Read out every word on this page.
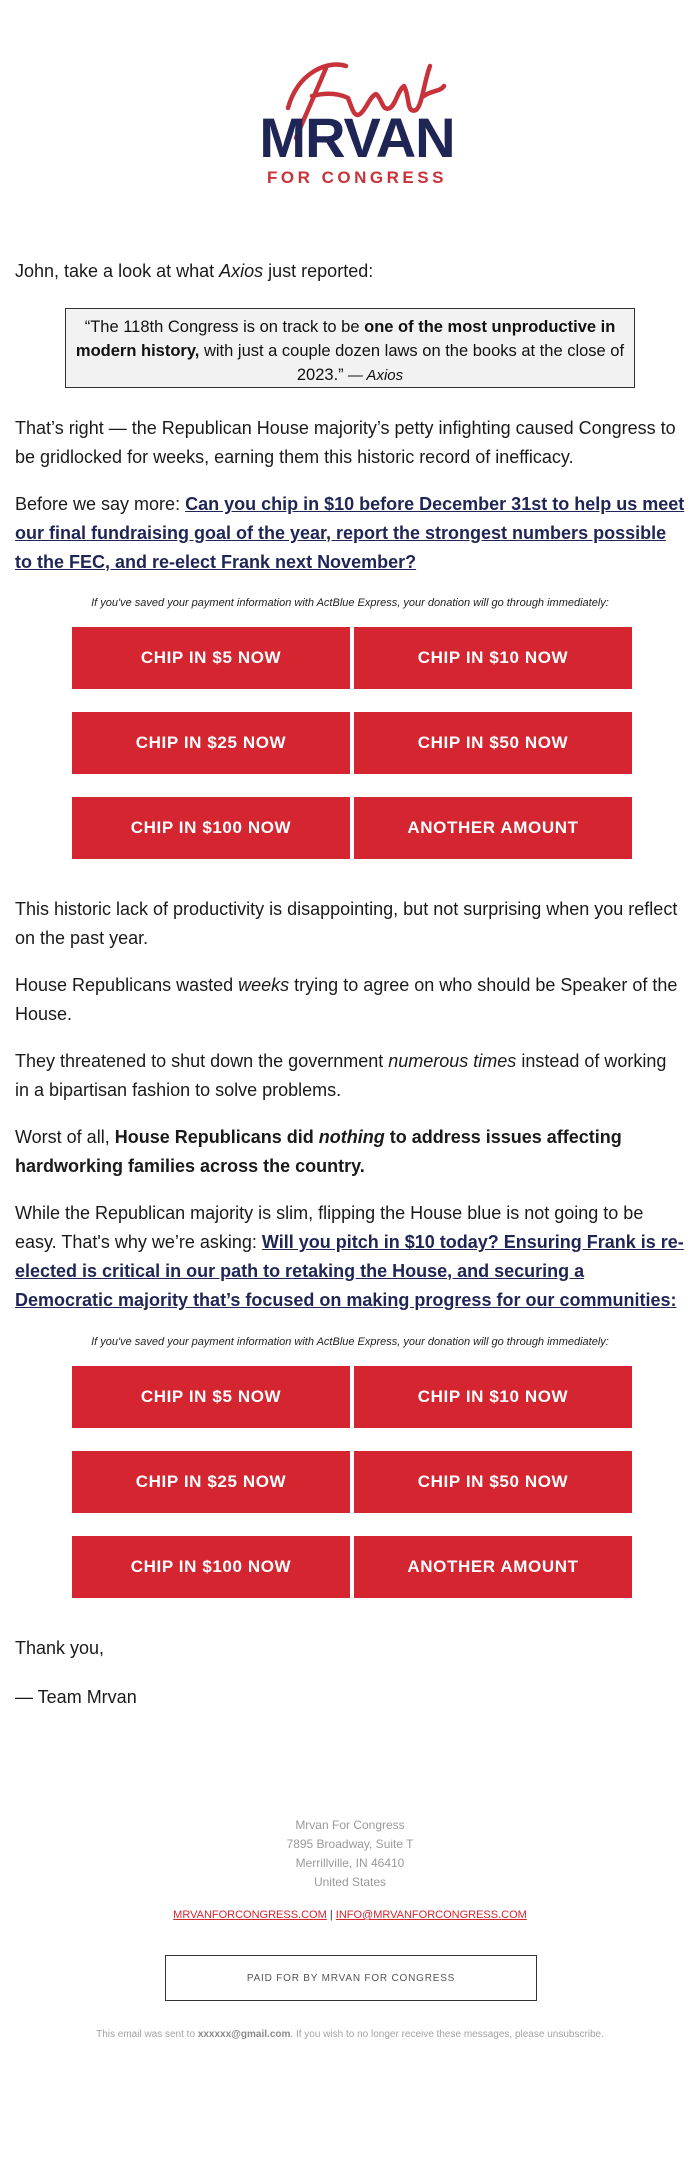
MRVAN
FOR CONGRESS

John, take a look at what Axios just reported:

“The 118th Congress is on track to be one of the most unproductive in modern history, with just a couple dozen laws on the books at the close of 2023.” — Axios

That’s right — the Republican House majority’s petty infighting caused Congress to be gridlocked for weeks, earning them this historic record of inefficacy.

Before we say more: Can you chip in $10 before December 31st to help us meet our final fundraising goal of the year, report the strongest numbers possible to the FEC, and re-elect Frank next November?

If you've saved your payment information with ActBlue Express, your donation will go through immediately:
CHIP IN $5 NOW	CHIP IN $10 NOW
CHIP IN $25 NOW	CHIP IN $50 NOW
CHIP IN $100 NOW	ANOTHER AMOUNT

This historic lack of productivity is disappointing, but not surprising when you reflect on the past year.

House Republicans wasted weeks trying to agree on who should be Speaker of the House.

They threatened to shut down the government numerous times instead of working in a bipartisan fashion to solve problems.

Worst of all, House Republicans did nothing to address issues affecting hardworking families across the country.

While the Republican majority is slim, flipping the House blue is not going to be easy. That's why we’re asking: Will you pitch in $10 today? Ensuring Frank is re-elected is critical in our path to retaking the House, and securing a Democratic majority that’s focused on making progress for our communities:

If you've saved your payment information with ActBlue Express, your donation will go through immediately:
CHIP IN $5 NOW	CHIP IN $10 NOW
CHIP IN $25 NOW	CHIP IN $50 NOW
CHIP IN $100 NOW	ANOTHER AMOUNT

Thank you,

— Team Mrvan

Mrvan For Congress
7895 Broadway, Suite T
Merrillville, IN 46410
United States
MRVANFORCONGRESS.COM | INFO@MRVANFORCONGRESS.COM
PAID FOR BY MRVAN FOR CONGRESS
This email was sent to xxxxxx@gmail.com. If you wish to no longer receive these messages, please unsubscribe.
